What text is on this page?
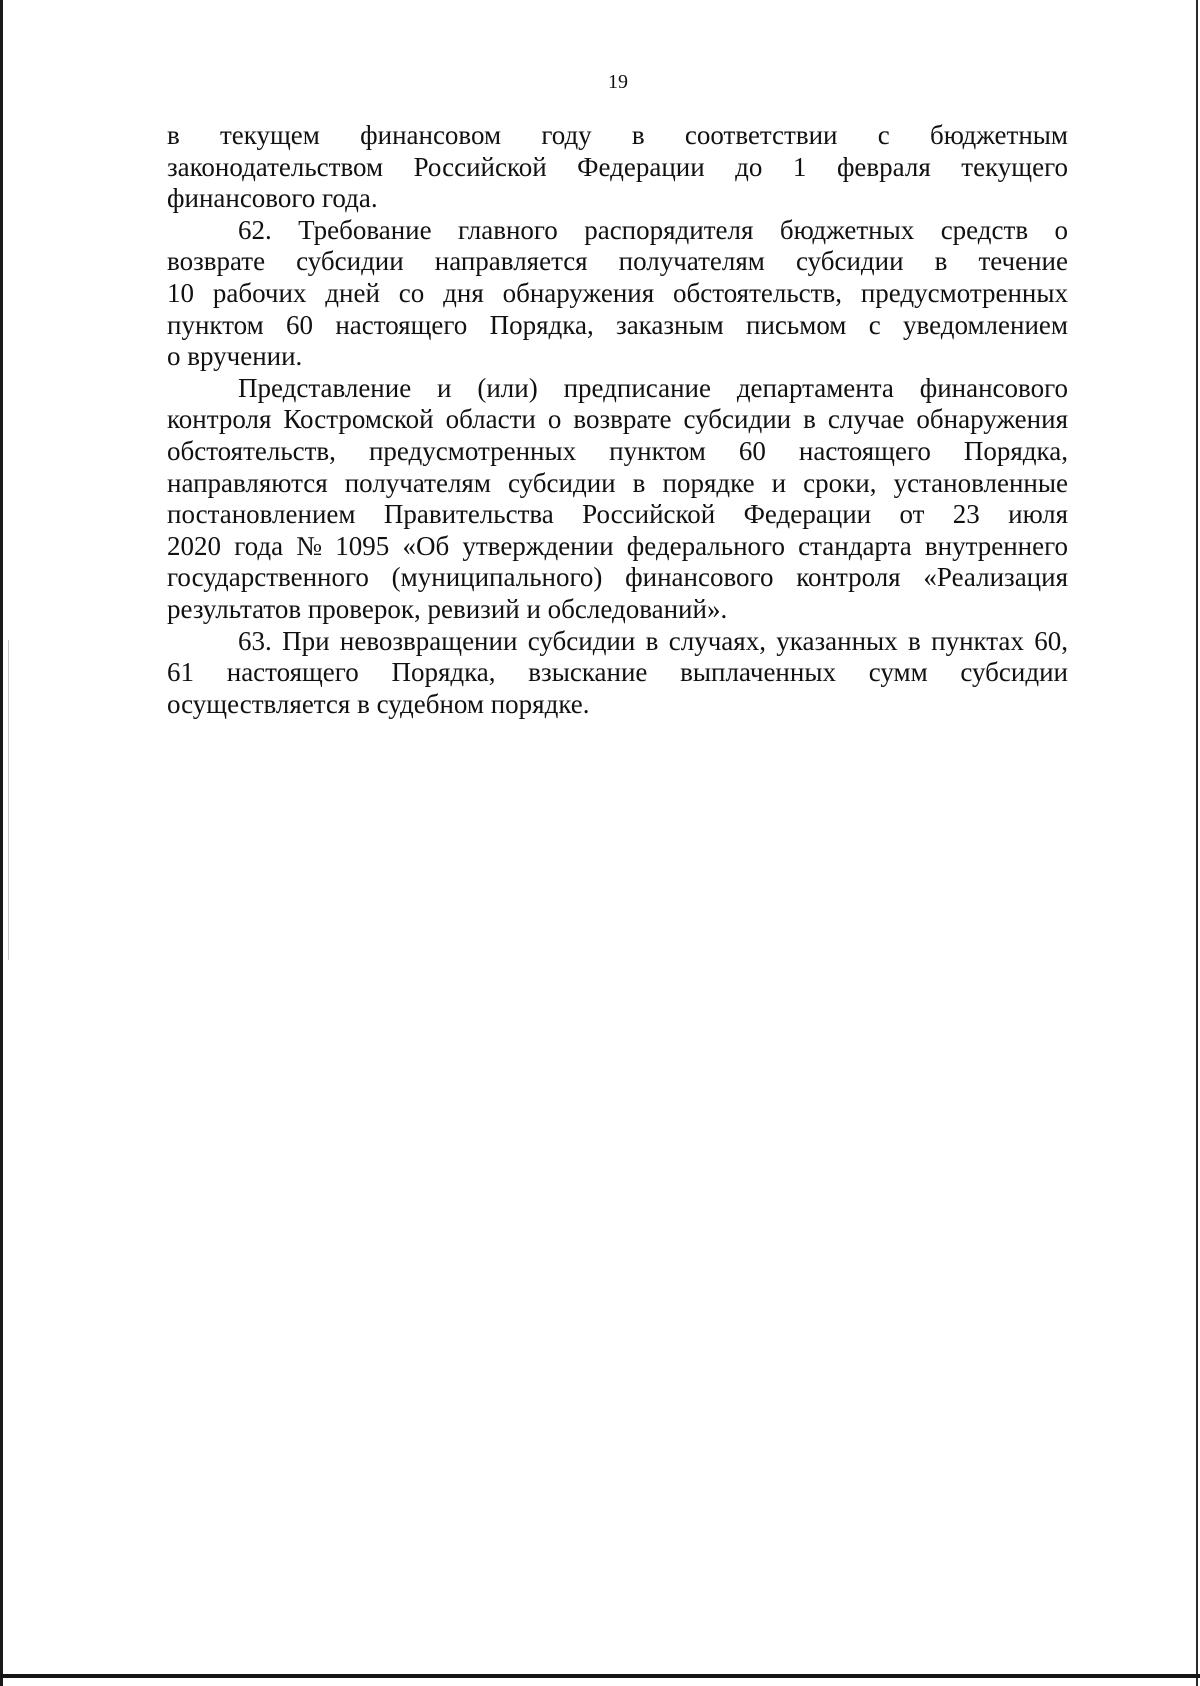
19

в текущем финансовом году в соответствии с бюджетным
законодательством Российской Федерации до 1 февраля текущего
финансового года.

62. Требование главного распорядителя бюджетных средств о
возврате субсидии направляется получателям субсидии в течение
10 рабочих дней со дня обнаружения обстоятельств, предусмотренных
пунктом 60 настоящего Порядка, заказным письмом с уведомлением
о вручении.

Представление и (или) предписание департамента финансового
контроля Костромской области о возврате субсидии в случае обнаружения
обстоятельств, предусмотренных пунктом 60 настоящего Порядка,
направляются получателям субсидии в порядке и сроки, установленные
постановлением Правительства Российской Федерации от 23 июля
2020 года № 1095 «Об утверждении федерального стандарта внутреннего
государственного (муниципального) финансового контроля «Реализация
результатов проверок, ревизий и обследований».

63. При невозвращении субсидии в случаях, указанных в пунктах 60,
61 настоящего Порядка, взыскание выплаченных сумм субсидии
осуществляется в судебном порядке.
